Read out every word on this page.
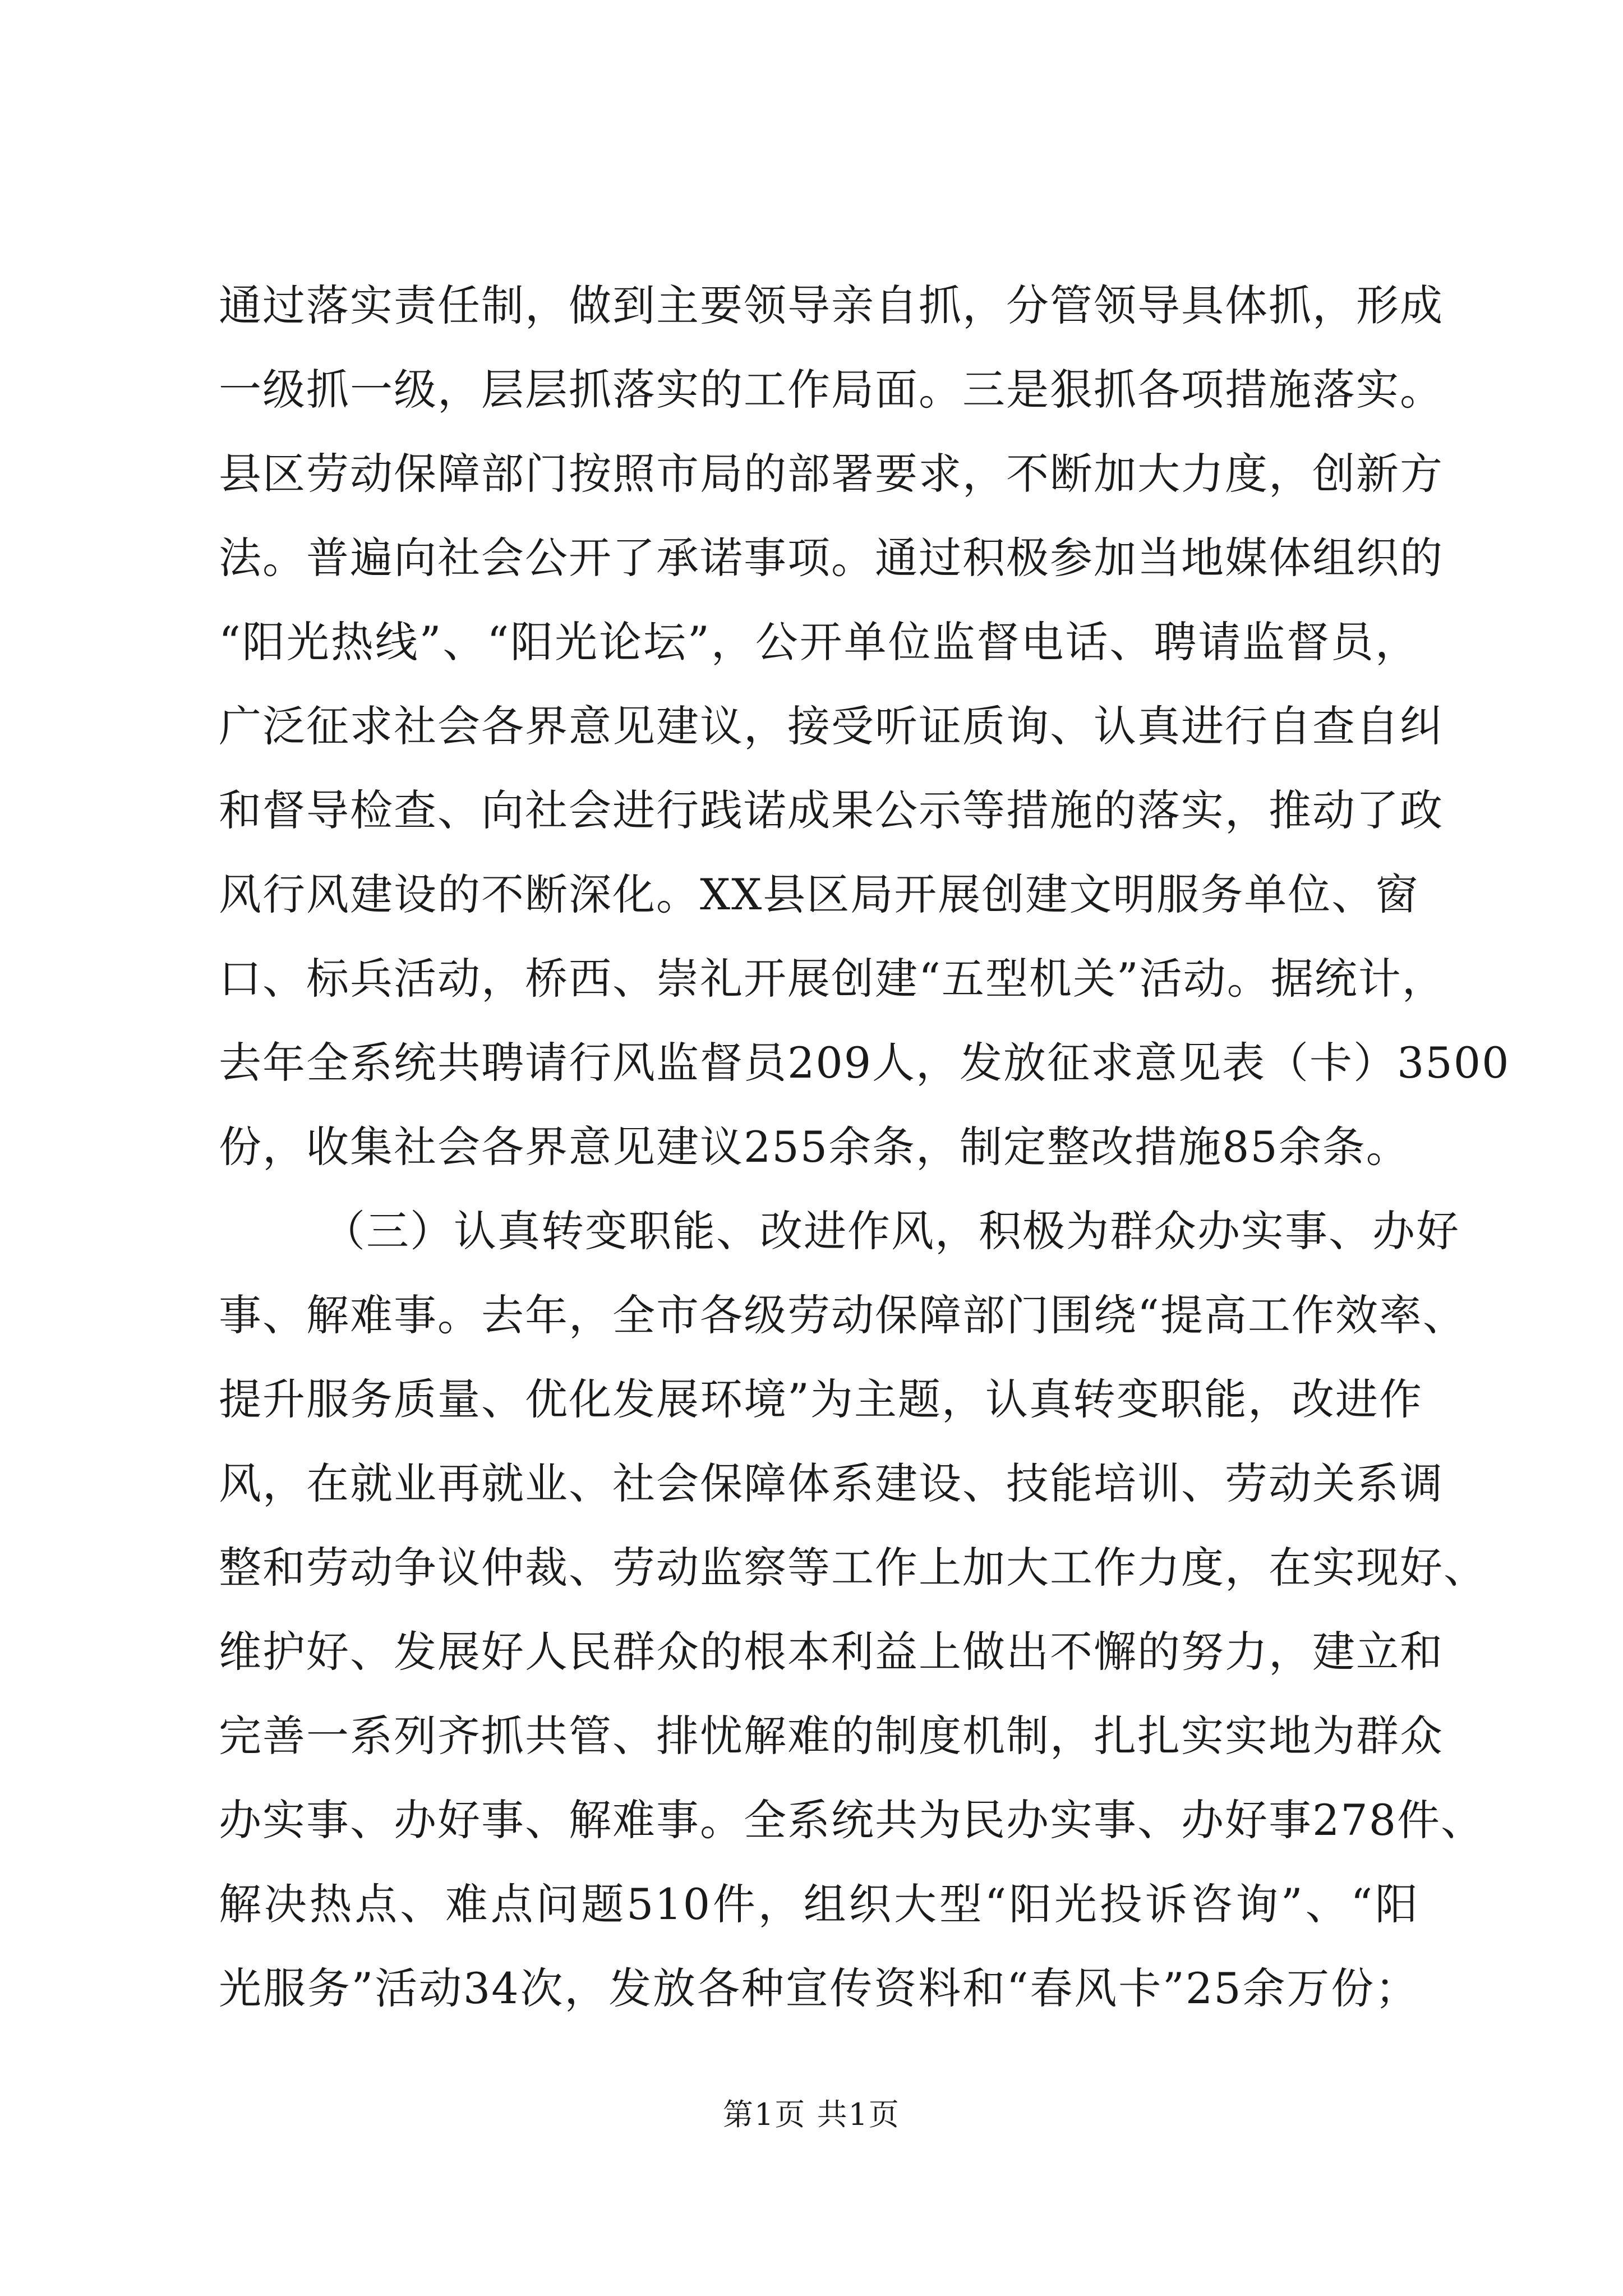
通过落实责任制，做到主要领导亲自抓，分管领导具体抓，形成
一级抓一级，层层抓落实的工作局面。三是狠抓各项措施落实。
县区劳动保障部门按照市局的部署要求，不断加大力度，创新方
法。普遍向社会公开了承诺事项。通过积极参加当地媒体组织的
“阳光热线”、“阳光论坛”，公开单位监督电话、聘请监督员，
广泛征求社会各界意见建议，接受听证质询、认真进行自查自纠
和督导检查、向社会进行践诺成果公示等措施的落实，推动了政
风行风建设的不断深化。XX县区局开展创建文明服务单位、窗
口、标兵活动，桥西、崇礼开展创建“五型机关”活动。据统计，
去年全系统共聘请行风监督员209人，发放征求意见表（卡）3500
份，收集社会各界意见建议255余条，制定整改措施85余条。
（三）认真转变职能、改进作风，积极为群众办实事、办好
事、解难事。去年，全市各级劳动保障部门围绕“提高工作效率、
提升服务质量、优化发展环境”为主题，认真转变职能，改进作
风，在就业再就业、社会保障体系建设、技能培训、劳动关系调
整和劳动争议仲裁、劳动监察等工作上加大工作力度，在实现好、
维护好、发展好人民群众的根本利益上做出不懈的努力，建立和
完善一系列齐抓共管、排忧解难的制度机制，扎扎实实地为群众
办实事、办好事、解难事。全系统共为民办实事、办好事278件、
解决热点、难点问题510件，组织大型“阳光投诉咨询”、“阳
光服务”活动34次，发放各种宣传资料和“春风卡”25余万份；
第1页 共1页
